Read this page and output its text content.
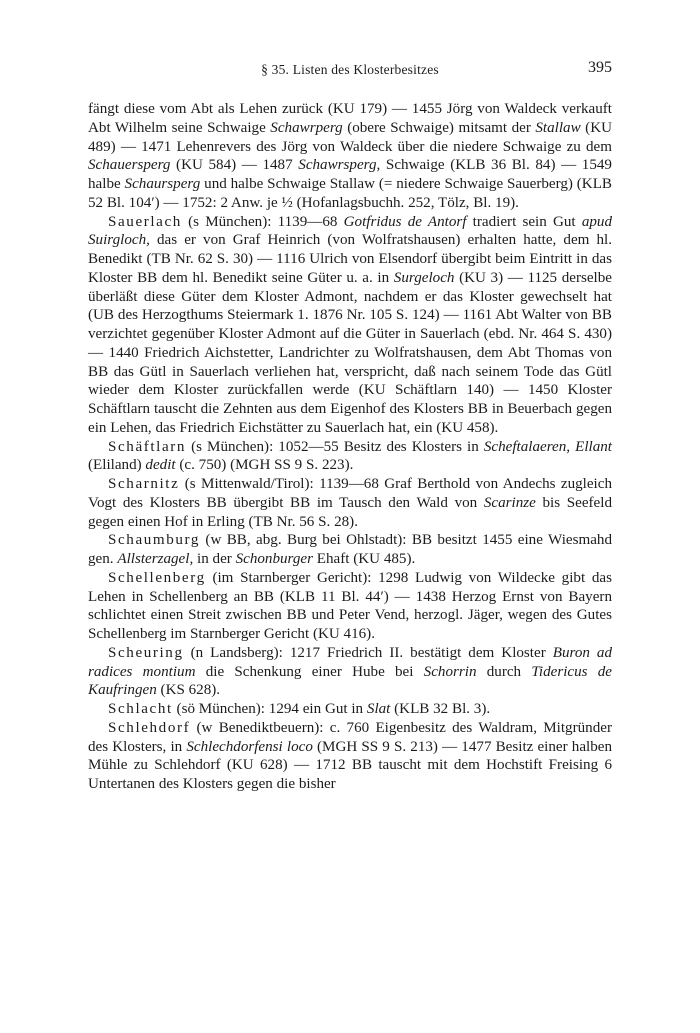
§ 35. Listen des Klosterbesitzes	395

fängt diese vom Abt als Lehen zurück (KU 179) — 1455 Jörg von Waldeck verkauft Abt Wilhelm seine Schwaige Schawrperg (obere Schwaige) mitsamt der Stallaw (KU 489) — 1471 Lehenrevers des Jörg von Waldeck über die niedere Schwaige zu dem Schauersperg (KU 584) — 1487 Schawrsperg, Schwaige (KLB 36 Bl. 84) — 1549 halbe Schaursperg und halbe Schwaige Stallaw (= niedere Schwaige Sauerberg) (KLB 52 Bl. 104′) — 1752: 2 Anw. je ½ (Hofanlagsbuchh. 252, Tölz, Bl. 19).

Sauerlach (s München): 1139—68 Gotfridus de Antorf tradiert sein Gut apud Suirgloch, das er von Graf Heinrich (von Wolfratshausen) erhalten hatte, dem hl. Benedikt (TB Nr. 62 S. 30) — 1116 Ulrich von Elsendorf übergibt beim Eintritt in das Kloster BB dem hl. Benedikt seine Güter u. a. in Surgeloch (KU 3) — 1125 derselbe überläßt diese Güter dem Kloster Admont, nachdem er das Kloster gewechselt hat (UB des Herzogthums Steiermark 1. 1876 Nr. 105 S. 124) — 1161 Abt Walter von BB verzichtet gegenüber Kloster Admont auf die Güter in Sauerlach (ebd. Nr. 464 S. 430) — 1440 Friedrich Aichstetter, Landrichter zu Wolfratshausen, dem Abt Thomas von BB das Gütl in Sauerlach verliehen hat, verspricht, daß nach seinem Tode das Gütl wieder dem Kloster zurückfallen werde (KU Schäftlarn 140) — 1450 Kloster Schäftlarn tauscht die Zehnten aus dem Eigenhof des Klosters BB in Beuerbach gegen ein Lehen, das Friedrich Eichstätter zu Sauerlach hat, ein (KU 458).

Schäftlarn (s München): 1052—55 Besitz des Klosters in Scheftalaeren, Ellant (Eliland) dedit (c. 750) (MGH SS 9 S. 223).

Scharnitz (s Mittenwald/Tirol): 1139—68 Graf Berthold von Andechs zugleich Vogt des Klosters BB übergibt BB im Tausch den Wald von Scarinze bis Seefeld gegen einen Hof in Erling (TB Nr. 56 S. 28).

Schaumburg (w BB, abg. Burg bei Ohlstadt): BB besitzt 1455 eine Wiesmahd gen. Allsterzagel, in der Schonburger Ehaft (KU 485).

Schellenberg (im Starnberger Gericht): 1298 Ludwig von Wildecke gibt das Lehen in Schellenberg an BB (KLB 11 Bl. 44′) — 1438 Herzog Ernst von Bayern schlichtet einen Streit zwischen BB und Peter Vend, herzogl. Jäger, wegen des Gutes Schellenberg im Starnberger Gericht (KU 416).

Scheuring (n Landsberg): 1217 Friedrich II. bestätigt dem Kloster Buron ad radices montium die Schenkung einer Hube bei Schorrin durch Tidericus de Kaufringen (KS 628).

Schlacht (sö München): 1294 ein Gut in Slat (KLB 32 Bl. 3).

Schlehdorf (w Benediktbeuern): c. 760 Eigenbesitz des Waldram, Mitgründer des Klosters, in Schlechdorfensi loco (MGH SS 9 S. 213) — 1477 Besitz einer halben Mühle zu Schlehdorf (KU 628) — 1712 BB tauscht mit dem Hochstift Freising 6 Untertanen des Klosters gegen die bisher
